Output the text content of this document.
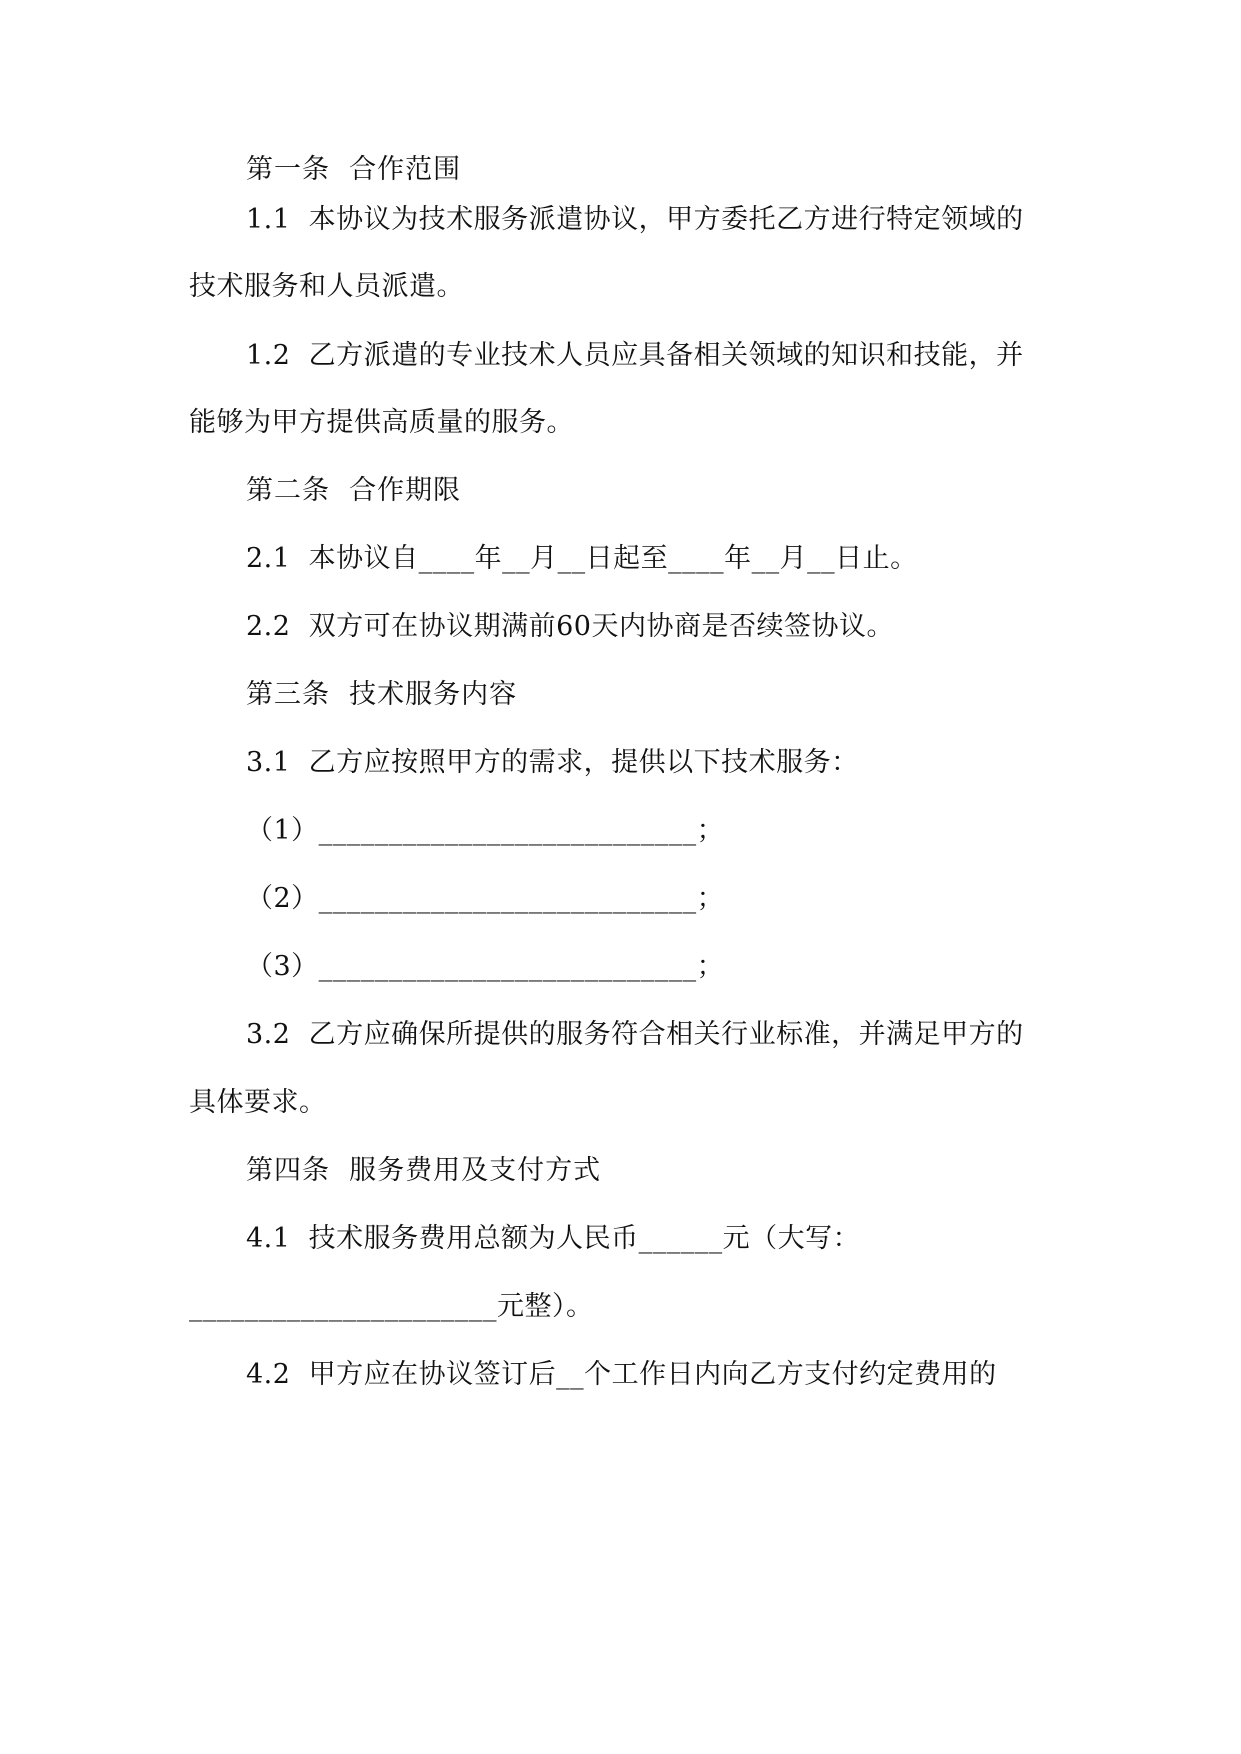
第一条  合作范围
1.1  本协议为技术服务派遣协议，甲方委托乙方进行特定领域的
技术服务和人员派遣。
1.2  乙方派遣的专业技术人员应具备相关领域的知识和技能，并
能够为甲方提供高质量的服务。
第二条  合作期限
2.1  本协议自____年__月__日起至____年__月__日止。
2.2  双方可在协议期满前60天内协商是否续签协议。
第三条  技术服务内容
3.1  乙方应按照甲方的需求，提供以下技术服务：
（1）___________________________；
（2）___________________________；
（3）___________________________；
3.2  乙方应确保所提供的服务符合相关行业标准，并满足甲方的
具体要求。
第四条  服务费用及支付方式
4.1  技术服务费用总额为人民币______元（大写：
______________________元整）。
4.2  甲方应在协议签订后__个工作日内向乙方支付约定费用的
